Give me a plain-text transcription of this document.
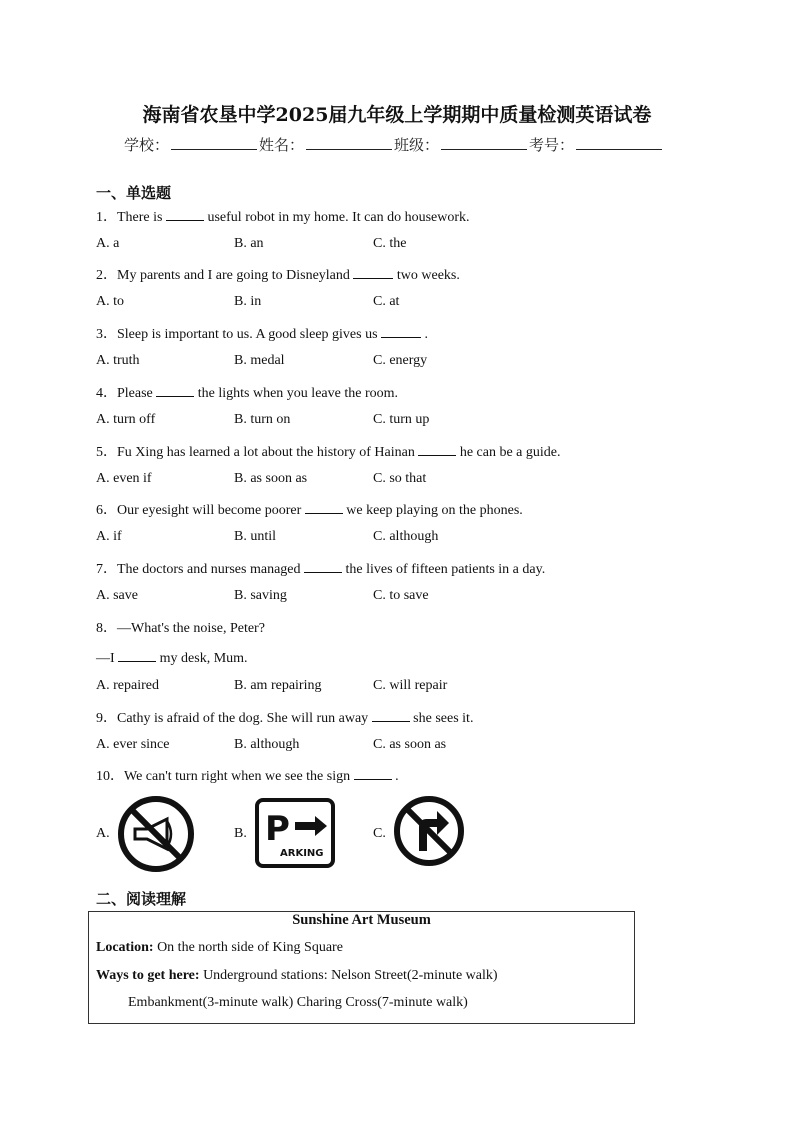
海南省农垦中学2025届九年级上学期期中质量检测英语试卷
学校：	姓名：	班级：	考号：
一、单选题
1．There is	useful robot in my home. It can do housework.
A. a	B. an	C. the
2．My parents and I are going to Disneyland	two weeks.
A. to	B. in	C. at
3．Sleep is important to us. A good sleep gives us	.
A. truth	B. medal	C. energy
4．Please	the lights when you leave the room.
A. turn off	B. turn on	C. turn up
5．Fu Xing has learned a lot about the history of Hainan	he can be a guide.
A. even if	B. as soon as	C. so that
6．Our eyesight will become poorer	we keep playing on the phones.
A. if	B. until	C. although
7．The doctors and nurses managed	the lives of fifteen patients in a day.
A. save	B. saving	C. to save
8．—What's the noise, Peter?
—I	my desk, Mum.
A. repaired	B. am repairing	C. will repair
9．Cathy is afraid of the dog. She will run away	she sees it.
A. ever since	B. although	C. as soon as
10．We can't turn right when we see the sign	.
A.	B. P
ARKING
C.
二、阅读理解
Sunshine Art Museum
Location: On the north side of King Square
Ways to get here: Underground stations: Nelson Street(2-minute walk)
Embankment(3-minute walk) Charing Cross(7-minute walk)
